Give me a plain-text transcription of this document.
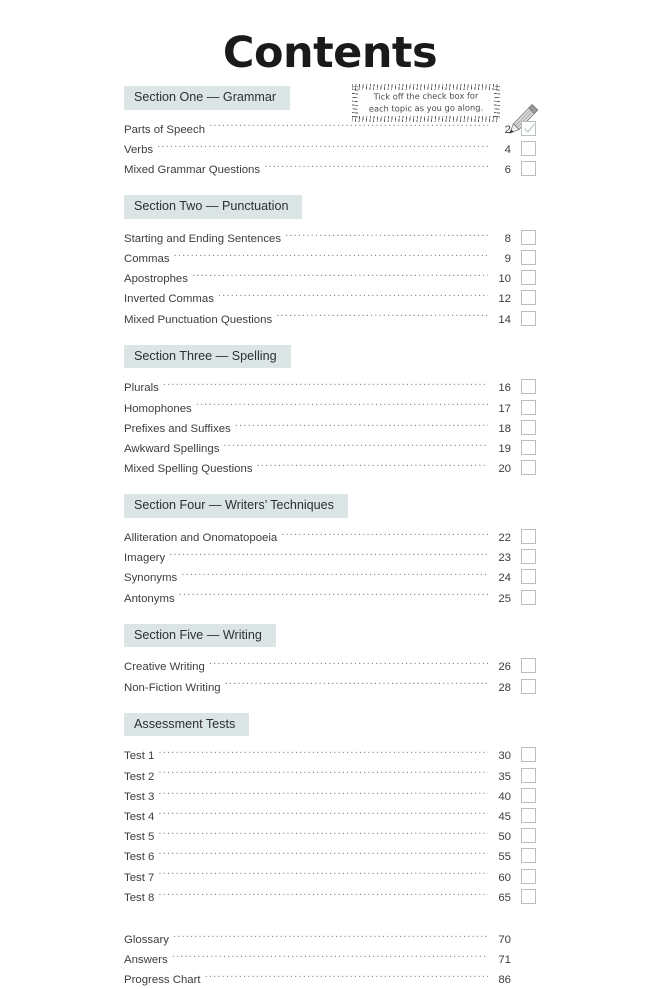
Contents
Tick off the check box for
each topic as you go along.
Section One — Grammar
Parts of Speech .....	2
Verbs .....	4
Mixed Grammar Questions .....	6
Section Two — Punctuation
Starting and Ending Sentences .....	8
Commas .....	9
Apostrophes .....	10
Inverted Commas .....	12
Mixed Punctuation Questions .....	14
Section Three — Spelling
Plurals .....	16
Homophones .....	17
Prefixes and Suffixes .....	18
Awkward Spellings .....	19
Mixed Spelling Questions .....	20
Section Four — Writers’ Techniques
Alliteration and Onomatopoeia .....	22
Imagery .....	23
Synonyms .....	24
Antonyms .....	25
Section Five — Writing
Creative Writing .....	26
Non-Fiction Writing .....	28
Assessment Tests
Test 1 .....	30
Test 2 .....	35
Test 3 .....	40
Test 4 .....	45
Test 5 .....	50
Test 6 .....	55
Test 7 .....	60
Test 8 .....	65
Glossary .....	70
Answers .....	71
Progress Chart .....	86
